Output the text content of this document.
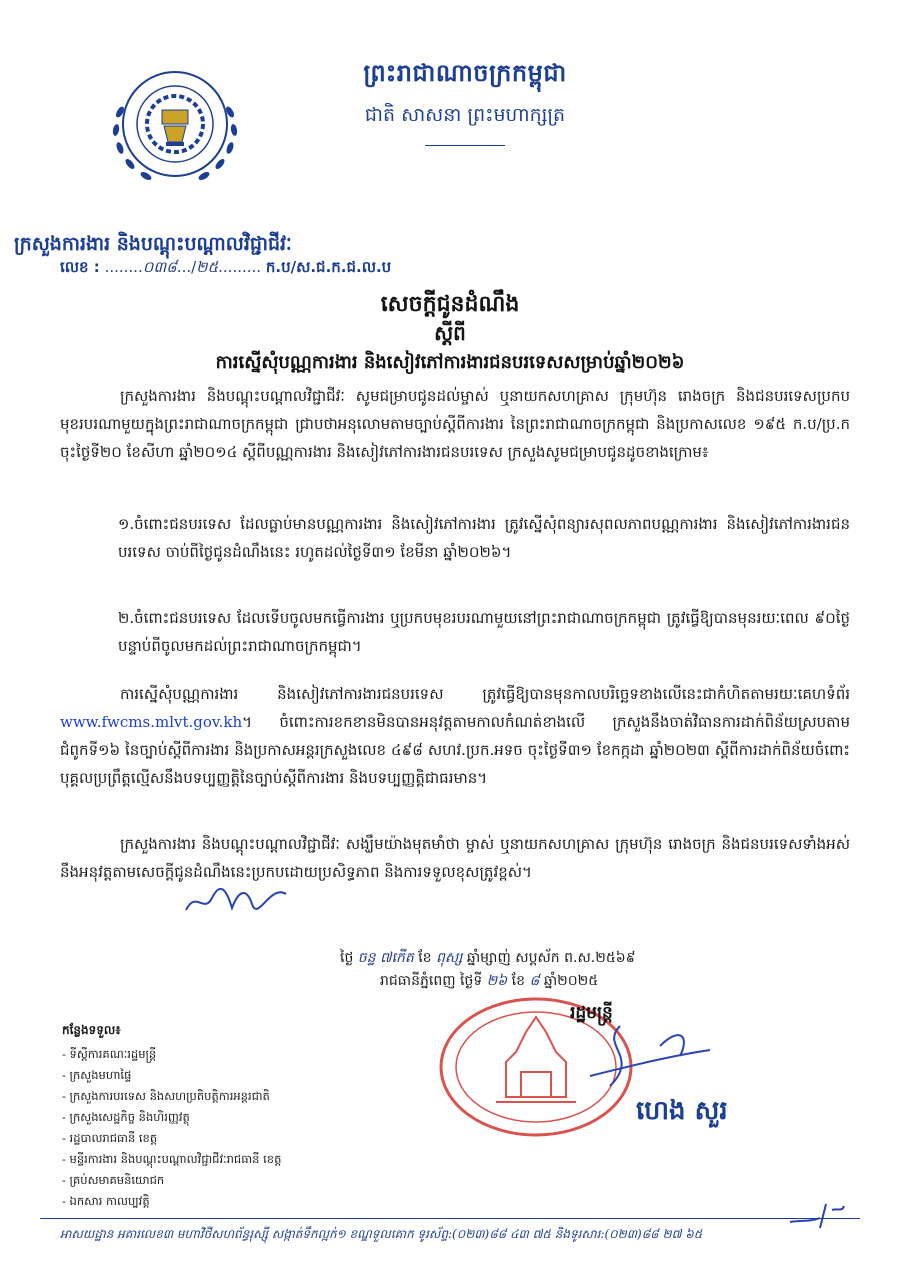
ព្រះរាជាណាចក្រកម្ពុជា
ជាតិ សាសនា ព្រះមហាក្សត្រ
ក្រសួងការងារ និងបណ្តុះបណ្តាលវិជ្ជាជីវៈ
លេខ : ........០៣៨.../២៥......... ក.ប/ស.ជ.ក.ជ.ល.ប
សេចក្តីជូនដំណឹង
ស្តីពី
ការស្នើសុំបណ្ណការងារ និងសៀវភៅការងារជនបរទេសសម្រាប់ឆ្នាំ២០២៦

ក្រសួងការងារ និងបណ្តុះបណ្តាលវិជ្ជាជីវៈ សូមជម្រាបជូនដល់ម្ចាស់ ឬនាយកសហគ្រាស ក្រុមហ៊ុន រោងចក្រ និងជនបរទេសប្រកបមុខរបរណាមួយក្នុងព្រះរាជាណាចក្រកម្ពុជា ជ្រាបថាអនុលោមតាមច្បាប់ស្តីពីការងារ នៃព្រះរាជាណាចក្រកម្ពុជា និងប្រកាសលេខ ១៩៥ ក.ប/ប្រ.ក ចុះថ្ងៃទី២០ ខែសីហា ឆ្នាំ២០១៤ ស្តីពីបណ្ណការងារ និងសៀវភៅការងារជនបរទេស ក្រសួងសូមជម្រាបជូនដូចខាងក្រោម៖

១.ចំពោះជនបរទេស ដែលធ្លាប់មានបណ្ណការងារ និងសៀវភៅការងារ ត្រូវស្នើសុំពន្យារសុពលភាពបណ្ណការងារ និងសៀវភៅការងារជនបរទេស ចាប់ពីថ្ងៃជូនដំណឹងនេះ រហូតដល់ថ្ងៃទី៣១ ខែមីនា ឆ្នាំ២០២៦។

២.ចំពោះជនបរទេស ដែលទើបចូលមកធ្វើការងារ ឬប្រកបមុខរបរណាមួយនៅព្រះរាជាណាចក្រកម្ពុជា ត្រូវធ្វើឱ្យបានមុនរយៈពេល ៩០ថ្ងៃ បន្ទាប់ពីចូលមកដល់ព្រះរាជាណាចក្រកម្ពុជា។

ការស្នើសុំបណ្ណការងារ និងសៀវភៅការងារជនបរទេស ត្រូវធ្វើឱ្យបានមុនកាលបរិច្ឆេទខាងលើនេះជាកំហិតតាមរយៈគេហទំព័រ www.fwcms.mlvt.gov.kh។ ចំពោះការខកខានមិនបានអនុវត្តតាមកាលកំណត់ខាងលើ ក្រសួងនឹងចាត់វិធានការដាក់ពិន័យស្របតាមជំពូកទី១៦ នៃច្បាប់ស្តីពីការងារ និងប្រកាសអន្តរក្រសួងលេខ ៤៩៨ សហវ.ប្រក.អទច ចុះថ្ងៃទី៣១ ខែកក្កដា ឆ្នាំ២០២៣ ស្តីពីការដាក់ពិន័យចំពោះបុគ្គលប្រព្រឹត្តល្មើសនឹងបទប្បញ្ញត្តិនៃច្បាប់ស្តីពីការងារ និងបទប្បញ្ញត្តិជាធរមាន។

ក្រសួងការងារ និងបណ្តុះបណ្តាលវិជ្ជាជីវៈ សង្ឃឹមយ៉ាងមុតមាំថា ម្ចាស់ ឬនាយកសហគ្រាស ក្រុមហ៊ុន រោងចក្រ និងជនបរទេសទាំងអស់នឹងអនុវត្តតាមសេចក្តីជូនដំណឹងនេះប្រកបដោយប្រសិទ្ធភាព និងការទទួលខុសត្រូវខ្ពស់។

ថ្ងៃ ចន្ទ ៧កើត ខែ ពុស្ស ឆ្នាំម្សាញ់ សប្តស័ក ព.ស.២៥៦៩
រាជធានីភ្នំពេញ ថ្ងៃទី ២៦ ខែ ៨ ឆ្នាំ២០២៥
រដ្ឋមន្ត្រី
ហេង សួរ
កន្លែងទទួល៖
- ទីស្តីការគណៈរដ្ឋមន្ត្រី
- ក្រសួងមហាផ្ទៃ
- ក្រសួងការបរទេស និងសហប្រតិបត្តិការអន្តរជាតិ
- ក្រសួងសេដ្ឋកិច្ច និងហិរញ្ញវត្ថុ
- រដ្ឋបាលរាជធានី ខេត្ត
- មន្ទីរការងារ និងបណ្តុះបណ្តាលវិជ្ជាជីវៈរាជធានី ខេត្ត
- គ្រប់សមាគមនិយោជក
- ឯកសារ កាលប្បវត្តិ
អាសយដ្ឋាន អគារលេខ៣ មហាវិថីសហព័ន្ធរុស្ស៊ី សង្កាត់ទឹកល្អក់១ ខណ្ឌទួលគោក ទូរស័ព្ទ:(០២៣)៨៨ ៤៣ ៧៥ និងទូរសារ:(០២៣)៨៨ ២៧ ៦៥
